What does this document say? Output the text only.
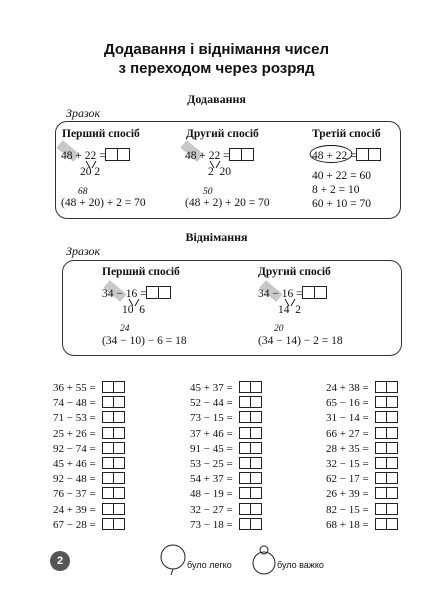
Додавання і віднімання чисел
з переходом через розряд
Додавання
Зразок
Перший спосіб
48 + 22 =
20 2
68
(48 + 20) + 2 = 70
Другий спосіб
48 + 22 =
2 20
50
(48 + 2) + 20 = 70
Третій спосіб
48 + 22 =
40 + 22 = 60
8 + 2 = 10
60 + 10 = 70
Віднімання
Зразок
Перший спосіб
34 − 16 =
10 6
24
(34 − 10) − 6 = 18
Другий спосіб
34 − 16 =
14 2
20
(34 − 14) − 2 = 18
36 + 55 =
74 − 48 =
71 − 53 =
25 + 26 =
92 − 74 =
45 + 46 =
92 − 48 =
76 − 37 =
24 + 39 =
67 − 28 =
45 + 37 =
52 − 44 =
73 − 15 =
37 + 46 =
91 − 45 =
53 − 25 =
54 + 37 =
48 − 19 =
32 − 27 =
73 − 18 =
24 + 38 =
65 − 16 =
31 − 14 =
66 + 27 =
28 + 35 =
32 − 15 =
62 − 17 =
26 + 39 =
82 − 15 =
68 + 18 =
2	було легко	було важко
